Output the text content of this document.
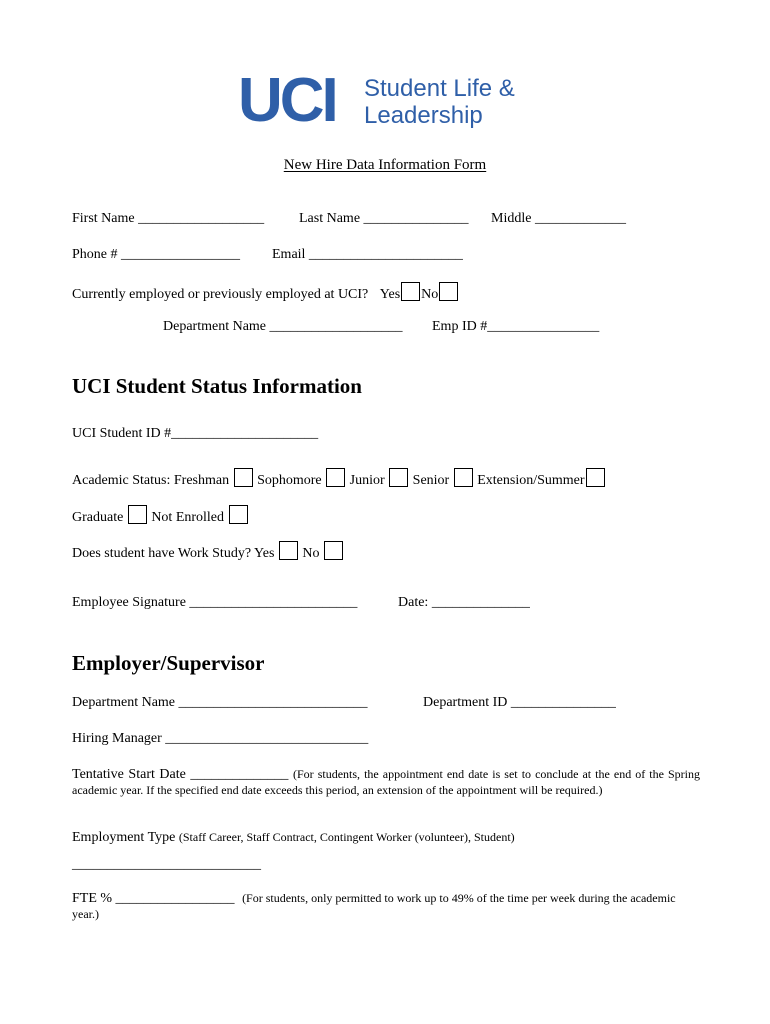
UCI Student Life &
Leadership
New Hire Data Information Form
First Name __________________ Last Name _______________ Middle _____________
Phone # _________________ Email ______________________
Currently employed or previously employed at UCI? Yes No
Department Name ___________________ Emp ID #________________
UCI Student Status Information
UCI Student ID #_____________________
Academic Status: Freshman Sophomore Junior Senior Extension/Summer
Graduate Not Enrolled
Does student have Work Study? Yes No
Employee Signature ________________________	Date: ______________
Employer/Supervisor
Department Name ___________________________	Department ID _______________
Hiring Manager _____________________________
Tentative Start Date ______________ (For students, the appointment end date is set to conclude at the end of the Spring academic year. If the specified end date exceeds this period, an extension of the appointment will be required.)
Employment Type (Staff Career, Staff Contract, Contingent Worker (volunteer), Student)
___________________________
FTE % _________________ (For students, only permitted to work up to 49% of the time per week during the academic year.)
